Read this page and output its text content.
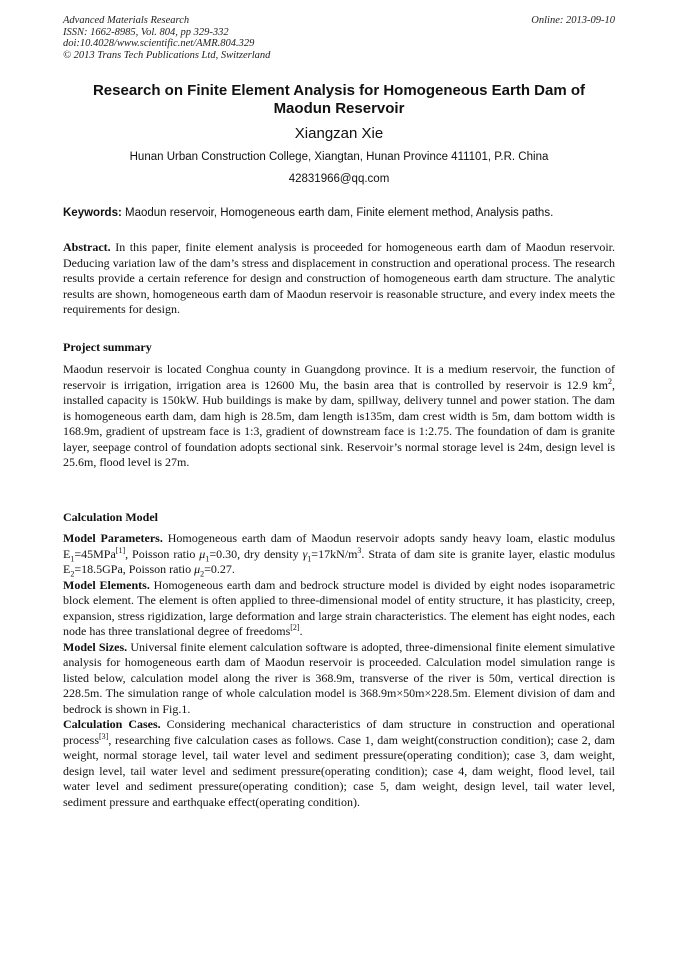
Advanced Materials Research
ISSN: 1662-8985, Vol. 804, pp 329-332
doi:10.4028/www.scientific.net/AMR.804.329
© 2013 Trans Tech Publications Ltd, Switzerland
Online: 2013-09-10
Research on Finite Element Analysis for Homogeneous Earth Dam of Maodun Reservoir
Xiangzan Xie
Hunan Urban Construction College, Xiangtan, Hunan Province 411101, P.R. China
42831966@qq.com
Keywords: Maodun reservoir, Homogeneous earth dam, Finite element method, Analysis paths.
Abstract. In this paper, finite element analysis is proceeded for homogeneous earth dam of Maodun reservoir. Deducing variation law of the dam’s stress and displacement in construction and operational process. The research results provide a certain reference for design and construction of homogeneous earth dam structure. The analytic results are shown, homogeneous earth dam of Maodun reservoir is reasonable structure, and every index meets the requirements for design.
Project summary
Maodun reservoir is located Conghua county in Guangdong province. It is a medium reservoir, the function of reservoir is irrigation, irrigation area is 12600 Mu, the basin area that is controlled by reservoir is 12.9 $km^2$, installed capacity is 150kW. Hub buildings is make by dam, spillway, delivery tunnel and power station. The dam is homogeneous earth dam, dam high is 28.5m, dam length is135m, dam crest width is 5m, dam bottom width is 168.9m, gradient of upstream face is 1:3, gradient of downstream face is 1:2.75. The foundation of dam is granite layer, seepage control of foundation adopts sectional sink. Reservoir’s normal storage level is 24m, design level is 25.6m, flood level is 27m.
Calculation Model

Model Parameters. Homogeneous earth dam of Maodun reservoir adopts sandy heavy loam, elastic modulus $E_1=45MPa[1]$, Poisson ratio $\mu_1=0.30$, dry density $\gamma_1=17kN/m^3$. Strata of dam site is granite layer, elastic modulus $E_2=18.5GPa$, Poisson ratio $\mu_2=0.27$.

Model Elements. Homogeneous earth dam and bedrock structure model is divided by eight nodes isoparametric block element. The element is often applied to three-dimensional model of entity structure, it has plasticity, creep, expansion, stress rigidization, large deformation and large strain characteristics. The element has eight nodes, each node has three translational degree of freedoms[2].

Model Sizes. Universal finite element calculation software is adopted, three-dimensional finite element simulative analysis for homogeneous earth dam of Maodun reservoir is proceeded. Calculation model simulation range is listed below, calculation model along the river is 368.9m, transverse of the river is 50m, vertical direction is 228.5m. The simulation range of whole calculation model is 368.9m×50m×228.5m. Element division of dam and bedrock is shown in Fig.1.

Calculation Cases. Considering mechanical characteristics of dam structure in construction and operational process[3], researching five calculation cases as follows. Case 1, dam weight(construction condition); case 2, dam weight, normal storage level, tail water level and sediment pressure(operating condition); case 3, dam weight, design level, tail water level and sediment pressure(operating condition); case 4, dam weight, flood level, tail water level and sediment pressure(operating condition); case 5, dam weight, design level, tail water level, sediment pressure and earthquake effect(operating condition).
